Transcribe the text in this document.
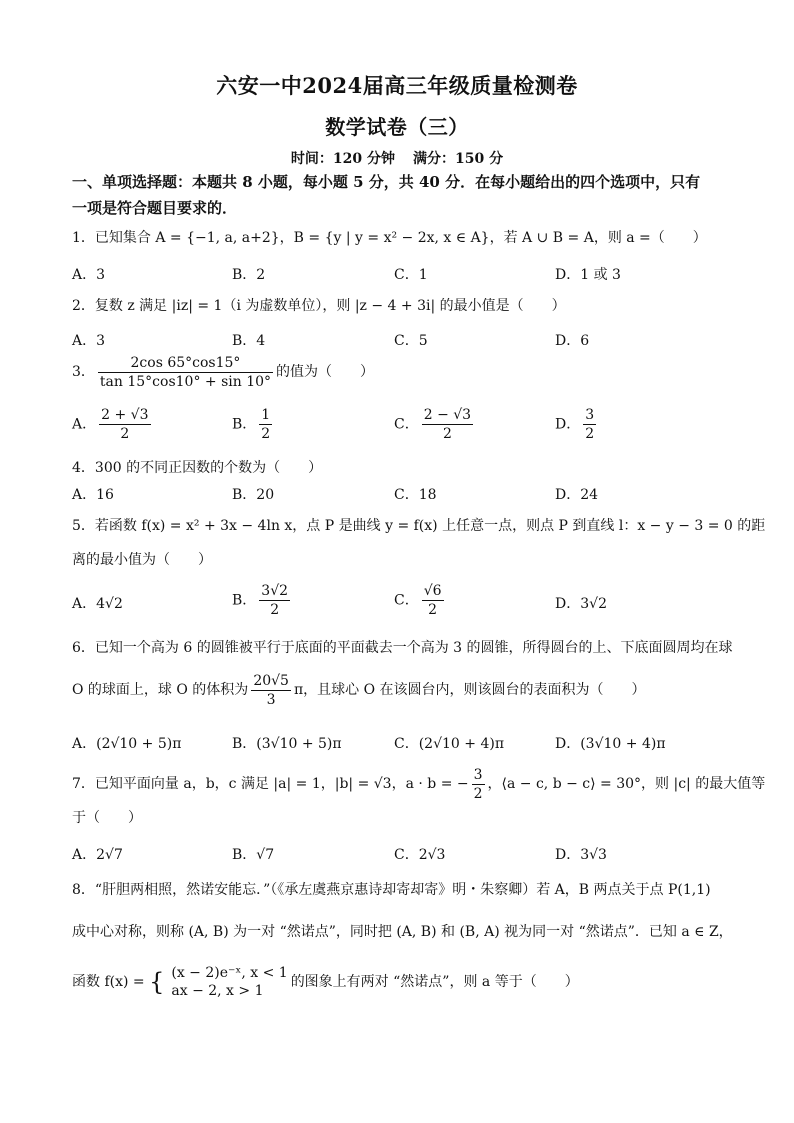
六安一中2024届高三年级质量检测卷
数学试卷（三）
时间：120 分钟 满分：150 分
一、单项选择题：本题共 8 小题，每小题 5 分，共 40 分．在每小题给出的四个选项中，只有
一项是符合题目要求的．
1．已知集合 A = {−1, a, a+2}，B = {y | y = x² − 2x, x ∈ A}，若 A ∪ B = A，则 a =（　　）
A．3	B．2	C．1	D．1 或 3
2．复数 z 满足 |iz| = 1（i 为虚数单位），则 |z − 4 + 3i| 的最小值是（　　）
A．3	B．4	C．5	D．6
3． $\frac{2\cos 65^\circ\cos 15^\circ}{\tan 15^\circ\cos 10^\circ + \sin 10^\circ}$ 的值为（　　）
A． $\frac{2 + √3}{2}$	B． $\frac{1}{2}$	C． $\frac{2 - √3}{2}$	D． $\frac{3}{2}$
4．300 的不同正因数的个数为（　　）
A．16	B．20	C．18	D．24
5．若函数 f(x) = x² + 3x − 4ln x，点 P 是曲线 y = f(x) 上任意一点，则点 P 到直线 l：x − y − 3 = 0 的距
离的最小值为（　　）
A．4√2	B． $\frac{3√2}{2}$	C． $\frac{√6}{2}$	D．3√2
6．已知一个高为 6 的圆锥被平行于底面的平面截去一个高为 3 的圆锥，所得圆台的上、下底面圆周均在球
O 的球面上，球 O 的体积为 $\frac{20√5}{3}$ π，且球心 O 在该圆台内，则该圆台的表面积为（　　）
A．(2√10 + 5)π	B．(3√10 + 5)π	C．(2√10 + 4)π	D．(3√10 + 4)π
7．已知平面向量 a，b，c 满足 |a| = 1，|b| = √3，a · b = − $\frac{3}{2}$ ，⟨a − c, b − c⟩ = 30°，则 |c| 的最大值等
于（　　）
A．2√7	B．√7	C．2√3	D．3√3
8．“肝胆两相照，然诺安能忘．”（《承左虞燕京惠诗却寄却寄》明・朱察卿）若 A，B 两点关于点 P(1,1)
成中心对称，则称 (A, B) 为一对 “然诺点”，同时把 (A, B) 和 (B, A) 视为同一对 “然诺点”．已知 a ∈ Z，
函数 f(x) = { (x − 2)e⁻ˣ, x < 1
ax − 2, x > 1
的图象上有两对 “然诺点”，则 a 等于（　　）
